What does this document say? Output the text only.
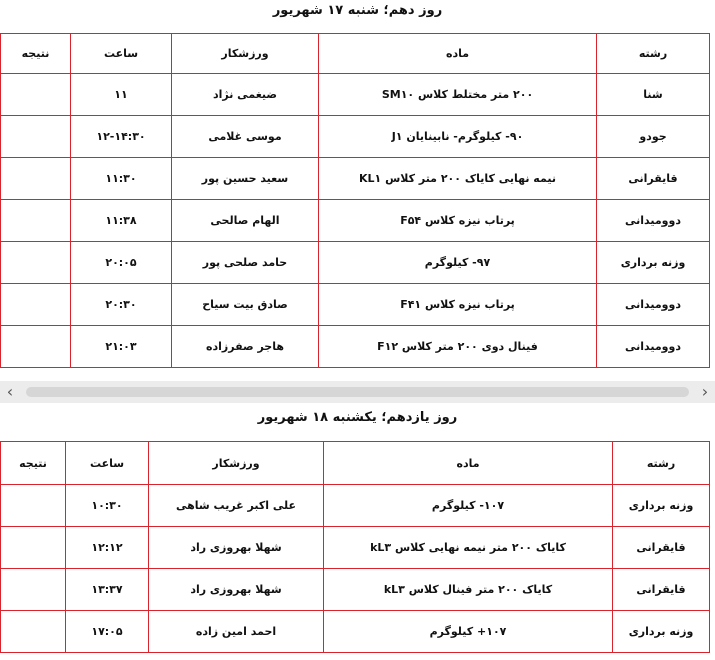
روز دهم؛ شنبه ۱۷ شهریور
رشته	ماده	ورزشکار	ساعت	نتیجه
شنا	۲۰۰ متر مختلط کلاس SM۱۰	ضیغمی نژاد	۱۱	
جودو	۹۰- کیلوگرم- نابینایان J۱	موسی غلامی	۱۲-۱۴:۳۰	
قایقرانی	نیمه نهایی کایاک ۲۰۰ متر کلاس KL۱	سعید حسین پور	۱۱:۳۰	
دوومیدانی	پرتاب نیزه کلاس F۵۴	الهام صالحی	۱۱:۳۸	
وزنه برداری	۹۷- کیلوگرم	حامد صلحی پور	۲۰:۰۵	
دوومیدانی	پرتاب نیزه کلاس F۴۱	صادق بیت سیاح	۲۰:۳۰	
دوومیدانی	فینال دوی ۲۰۰ متر کلاس F۱۲	هاجر صفرزاده	۲۱:۰۳	
‹	›
روز یازدهم؛ یکشنبه ۱۸ شهریور
رشته	ماده	ورزشکار	ساعت	نتیجه
وزنه برداری	۱۰۷- کیلوگرم	علی اکبر غریب شاهی	۱۰:۳۰	
قایقرانی	کایاک ۲۰۰ متر نیمه نهایی کلاس kL۳	شهلا بهروزی راد	۱۲:۱۲	
قایقرانی	کایاک ۲۰۰ متر فینال کلاس kL۳	شهلا بهروزی راد	۱۳:۳۷	
وزنه برداری	۱۰۷+ کیلوگرم	احمد امین زاده	۱۷:۰۵	
